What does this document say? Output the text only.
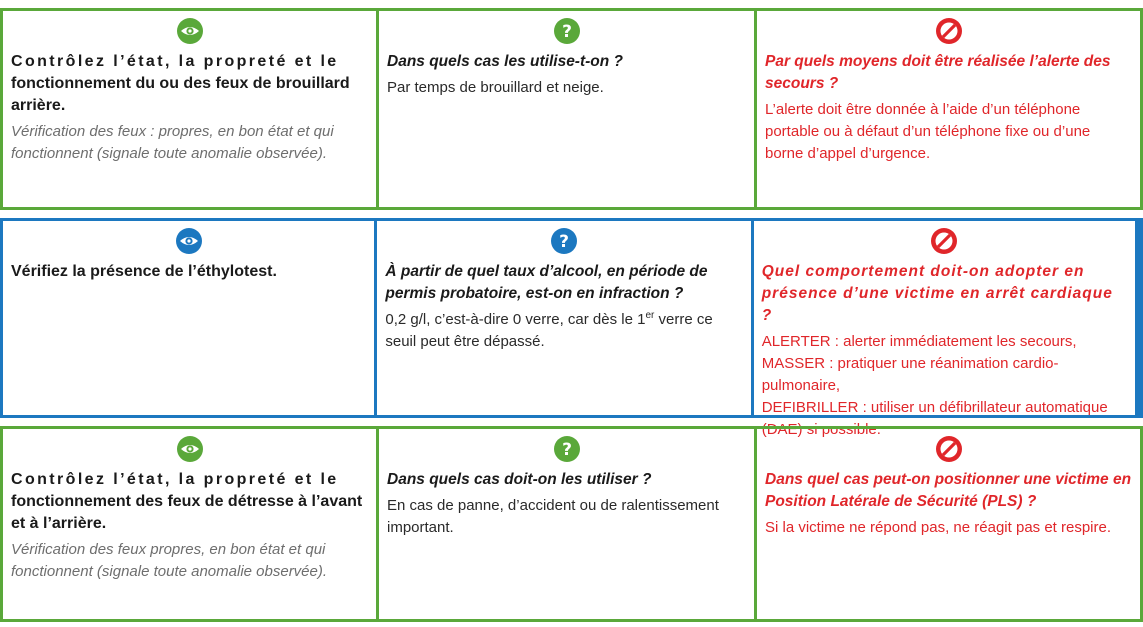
Contrôlez l’état, la propreté et le
fonctionnement du ou des feux de brouillard arrière.

Vérification des feux : propres, en bon état et qui fonctionnent (signale toute anomalie observée).

?

Dans quels cas les utilise-t-on ?

Par temps de brouillard et neige.

Par quels moyens doit être réalisée l’alerte des secours ?

L’alerte doit être donnée à l’aide d’un téléphone portable ou à défaut d’un téléphone fixe ou d’une borne d’appel d’urgence.

Vérifiez la présence de l’éthylotest.

?

À partir de quel taux d’alcool, en période de permis probatoire, est-on en infraction ?

0,2 g/l, c’est-à-dire 0 verre, car dès le 1er verre ce seuil peut être dépassé.

Quel comportement doit-on adopter en présence d’une victime en arrêt cardiaque ?

ALERTER : alerter immédiatement les secours,

MASSER : pratiquer une réanimation cardio-pulmonaire,

DEFIBRILLER : utiliser un défibrillateur automatique (DAE) si possible.

Contrôlez l’état, la propreté et le
fonctionnement des feux de détresse à l’avant et à l’arrière.

Vérification des feux propres, en bon état et qui fonctionnent (signale toute anomalie observée).

?

Dans quels cas doit-on les utiliser ?

En cas de panne, d’accident ou de ralentissement important.

Dans quel cas peut-on positionner une victime en Position Latérale de Sécurité (PLS) ?

Si la victime ne répond pas, ne réagit pas et respire.
